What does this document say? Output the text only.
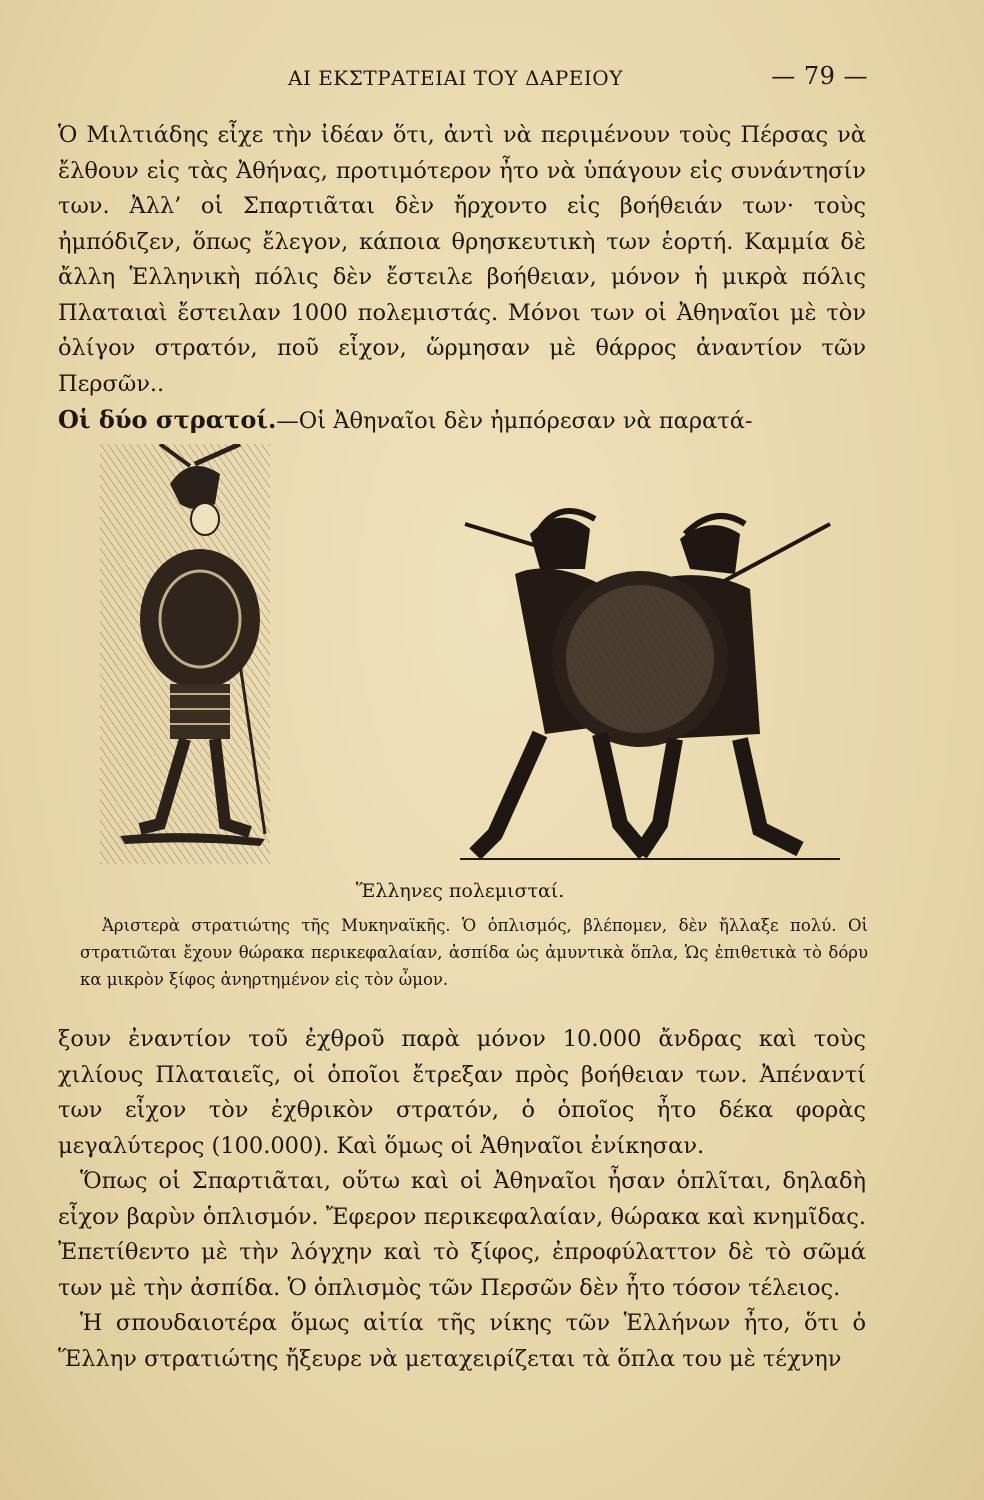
ΑΙ ΕΚΣΤΡΑΤΕΙΑΙ ΤΟΥ ΔΑΡΕΙΟΥ	— 79 —

Ὁ Μιλτιάδης εἶχε τὴν ἰδέαν ὅτι, ἀντὶ νὰ περιμένουν τοὺς Πέρσας νὰ ἔλθουν εἰς τὰς Ἀθήνας, προτιμότερον ἦτο νὰ ὑπάγουν εἰς συνάντησίν των. Ἀλλ’ οἱ Σπαρτιᾶται δὲν ἤρχοντο εἰς βοήθειάν των· τοὺς ἠμπόδιζεν, ὅπως ἔλεγον, κάποια θρησκευτικὴ των ἑορτή. Καμμία δὲ ἄλλη Ἑλληνικὴ πόλις δὲν ἔστειλε βοήθειαν, μόνον ἡ μικρὰ πόλις Πλαταιαὶ ἔστειλαν 1000 πολεμιστάς. Μόνοι των οἱ Ἀθηναῖοι μὲ τὸν ὀλίγον στρατόν, ποῦ εἶχον, ὥρμησαν μὲ θάρρος ἀναντίον τῶν Περσῶν..

Οἱ δύο στρατοί.—Οἱ Ἀθηναῖοι δὲν ἠμπόρεσαν νὰ παρατά-

Ἕλληνες πολεμισταί.

Ἀριστερὰ στρατιώτης τῆς Μυκηναϊκῆς. Ὁ ὁπλισμός, βλέπομεν, δὲν ἤλλαξε πολύ. Οἱ στρατιῶται ἔχουν θώρακα περικεφαλαίαν, ἀσπίδα ὡς ἀμυντικὰ ὅπλα, Ὡς ἐπιθετικὰ τὸ δόρυ κα μικρὸν ξίφος ἀνηρτημένον εἰς τὸν ὦμον.

ξουν ἐναντίον τοῦ ἐχθροῦ παρὰ μόνον 10.000 ἄνδρας καὶ τοὺς χιλίους Πλαταιεῖς, οἱ ὁποῖοι ἔτρεξαν πρὸς βοήθειαν των. Ἀπέναντί των εἶχον τὸν ἐχθρικὸν στρατόν, ὁ ὁποῖος ἦτο δέκα φορὰς μεγαλύτερος (100.000). Καὶ ὅμως οἱ Ἀθηναῖοι ἐνίκησαν.

Ὅπως οἱ Σπαρτιᾶται, οὕτω καὶ οἱ Ἀθηναῖοι ἦσαν ὁπλῖται, δηλαδὴ εἶχον βαρὺν ὁπλισμόν. Ἔφερον περικεφαλαίαν, θώρακα καὶ κνημῖδας. Ἐπετίθεντο μὲ τὴν λόγχην καὶ τὸ ξίφος, ἐπροφύλαττον δὲ τὸ σῶμά των μὲ τὴν ἀσπίδα. Ὁ ὁπλισμὸς τῶν Περσῶν δὲν ἦτο τόσον τέλειος.

Ἡ σπουδαιοτέρα ὅμως αἰτία τῆς νίκης τῶν Ἑλλήνων ἦτο, ὅτι ὁ Ἕλλην στρατιώτης ἤξευρε νὰ μεταχειρίζεται τὰ ὅπλα του μὲ τέχνην
